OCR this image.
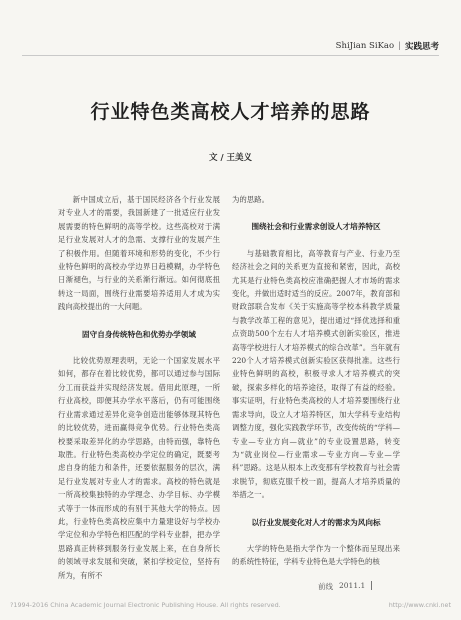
ShiJian SiKao | 实践思考
行业特色类高校人才培养的思路
文 / 王美义

新中国成立后，基于国民经济各个行业发展对专业人才的需要，我国新建了一批适应行业发展需要的特色鲜明的高等学校。这些高校对于满足行业发展对人才的急需、支撑行业的发展产生了积极作用。但随着环境和形势的变化，不少行业特色鲜明的高校办学边界日趋模糊，办学特色日渐褪色，与行业的关系渐行渐远。如何彻底扭转这一局面，围绕行业需要培养适用人才成为实践向高校提出的一大问题。

固守自身传统特色和优势办学领域

比较优势原理表明，无论一个国家发展水平如何，都存在着比较优势，都可以通过参与国际分工而获益并实现经济发展。借用此原理，一所行业高校，即便其办学水平落后，仍有可能围绕行业需求通过差异化竞争创造出能够体现其特色的比较优势，进而赢得竞争优势。行业特色类高校要采取差异化的办学思路，由特而强，靠特色取胜。行业特色类高校办学定位的确定，既要考虑自身的能力和条件，还要依据服务的层次，满足行业发展对专业人才的需求。高校的特色就是一所高校集独特的办学理念、办学目标、办学模式等于一体而形成的有别于其他大学的特点。因此，行业特色类高校应集中力量建设好与学校办学定位和办学特色相匹配的学科专业群，把办学思路真正转移到服务行业发展上来，在自身所长的领域寻求发展和突破，紧扣学校定位，坚持有所为，有所不

为的思路。

围绕社会和行业需求创设人才培养特区

与基础教育相比，高等教育与产业、行业乃至经济社会之间的关系更为直接和紧密，因此，高校尤其是行业特色类高校应准确把握人才市场的需求变化，并做出适时适当的反应。2007年，教育部和财政部联合发布《关于实施高等学校本科教学质量与教学改革工程的意见》，提出通过“择优选择和重点资助500个左右人才培养模式创新实验区，推进高等学校进行人才培养模式的综合改革”。当年就有220个人才培养模式创新实验区获得批准。这些行业特色鲜明的高校，积极寻求人才培养模式的突破，探索多样化的培养途径，取得了有益的经验。事实证明，行业特色类高校的人才培养要围绕行业需求导向，设立人才培养特区，加大学科专业结构调整力度，强化实践教学环节，改变传统的“学科—专业—专业方向—就业”的专业设置思路，转变为“就业岗位—行业需求—专业方向—专业—学科”思路。这是从根本上改变那有学校教育与社会需求脱节，彻底克服千校一面，提高人才培养质量的举措之一。

以行业发展变化对人才的需求为风向标

大学的特色是指大学作为一个整体而呈现出来的系统性特征，学科专业特色是大学特色的核

前线 2011.1
?1994-2016 China Academic Journal Electronic Publishing House. All rights reserved.	http://www.cnki.net
